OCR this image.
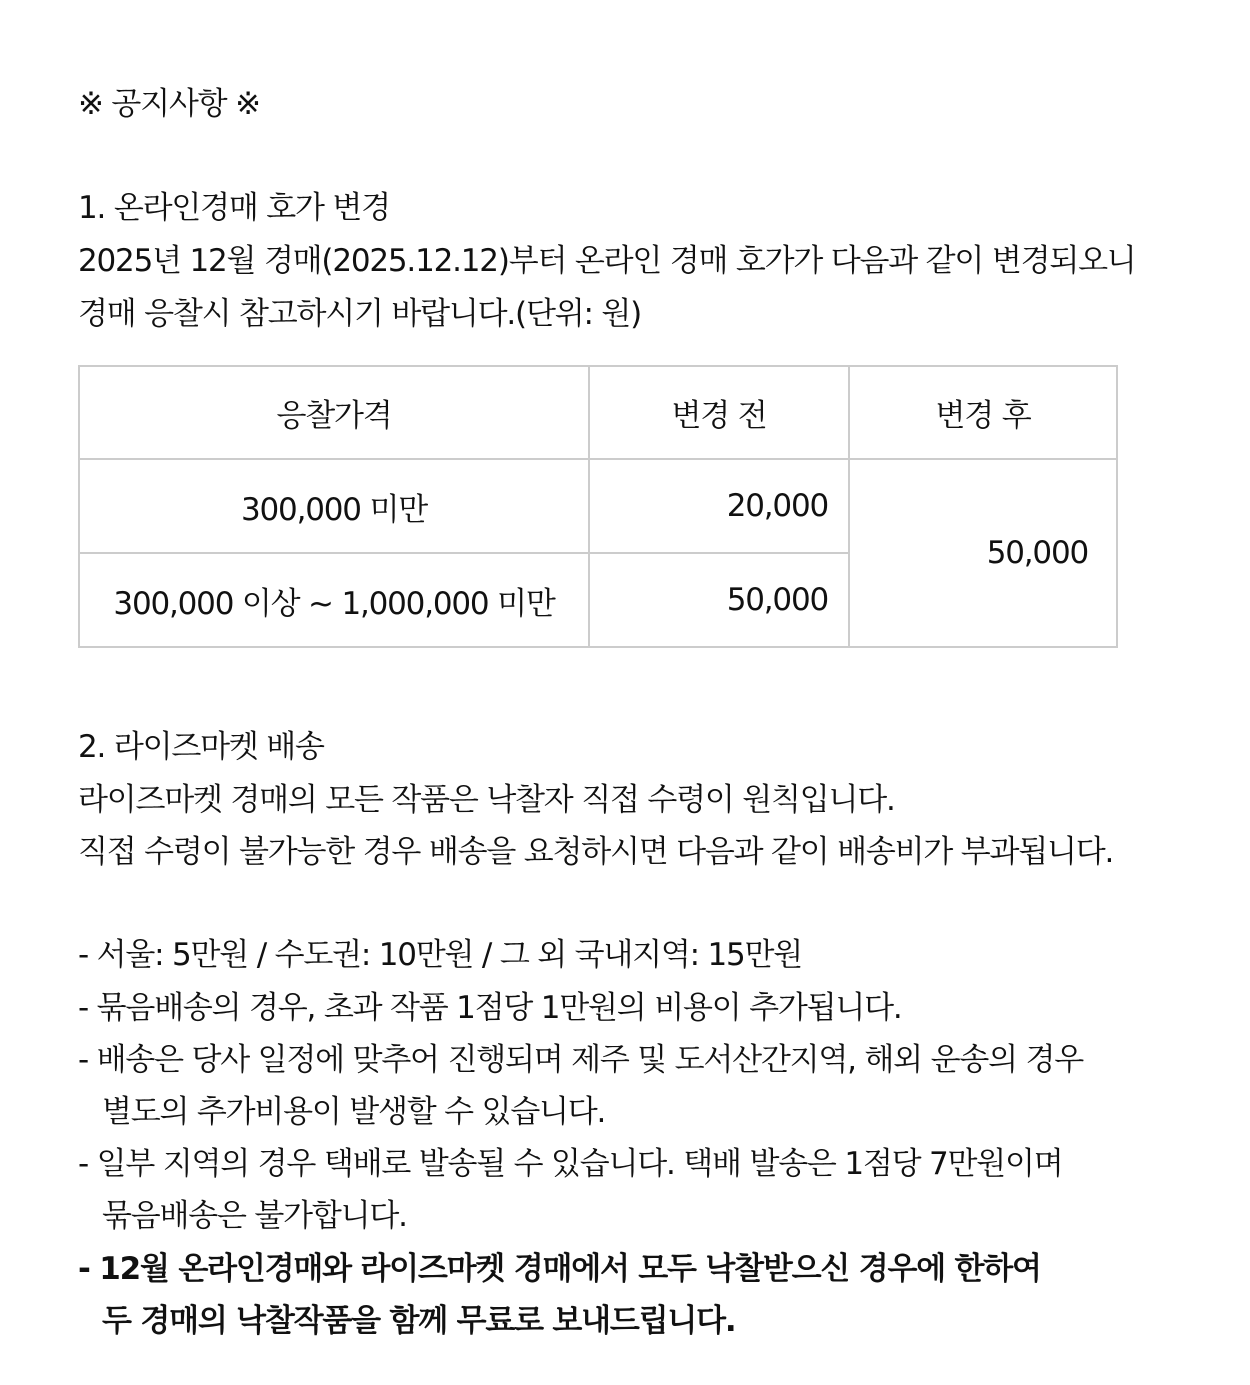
※ 공지사항 ※
1. 온라인경매 호가 변경
2025년 12월 경매(2025.12.12)부터 온라인 경매 호가가 다음과 같이 변경되오니
경매 응찰시 참고하시기 바랍니다.(단위: 원)
응찰가격	변경 전	변경 후
300,000 미만	20,000	50,000
300,000 이상 ~ 1,000,000 미만	50,000	
2. 라이즈마켓 배송
라이즈마켓 경매의 모든 작품은 낙찰자 직접 수령이 원칙입니다.
직접 수령이 불가능한 경우 배송을 요청하시면 다음과 같이 배송비가 부과됩니다.
- 서울: 5만원 / 수도권: 10만원 / 그 외 국내지역: 15만원
- 묶음배송의 경우, 초과 작품 1점당 1만원의 비용이 추가됩니다.
- 배송은 당사 일정에 맞추어 진행되며 제주 및 도서산간지역, 해외 운송의 경우
별도의 추가비용이 발생할 수 있습니다.
- 일부 지역의 경우 택배로 발송될 수 있습니다. 택배 발송은 1점당 7만원이며
묶음배송은 불가합니다.
- 12월 온라인경매와 라이즈마켓 경매에서 모두 낙찰받으신 경우에 한하여
두 경매의 낙찰작품을 함께 무료로 보내드립니다.
